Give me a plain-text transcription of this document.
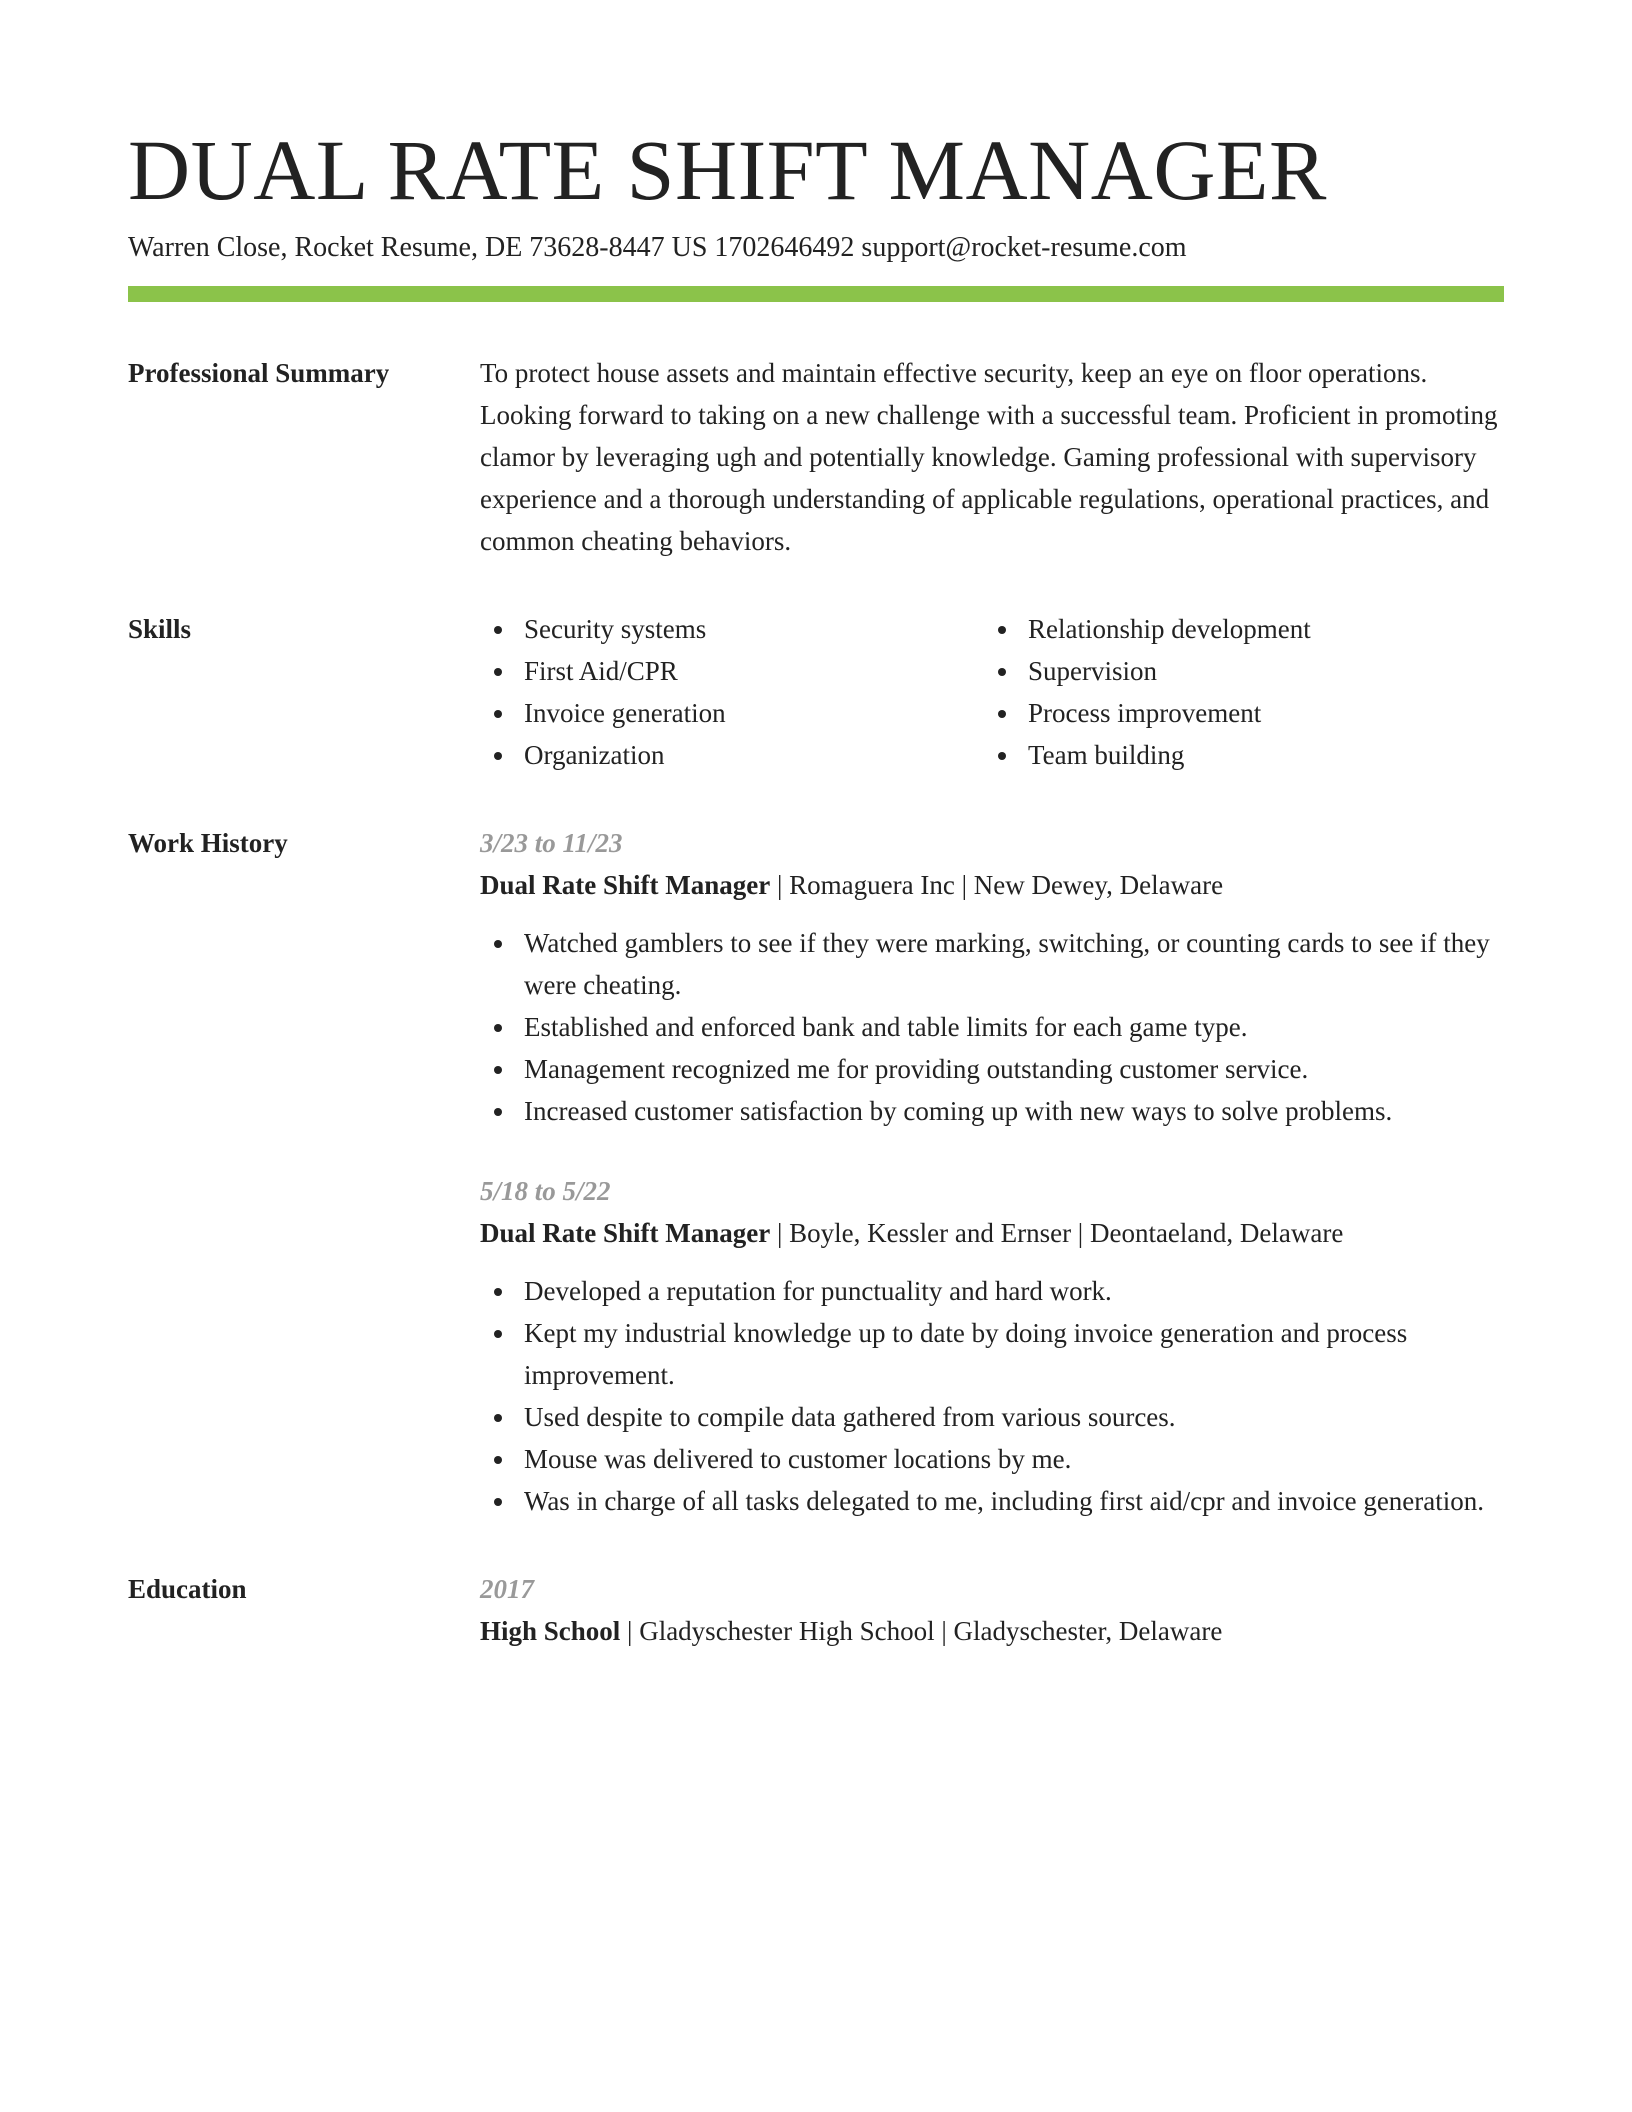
DUAL RATE SHIFT MANAGER
Warren Close, Rocket Resume, DE 73628-8447 US 1702646492 support@rocket-resume.com
Professional Summary	To protect house assets and maintain effective security, keep an eye on floor operations. Looking forward to taking on a new challenge with a successful team. Proficient in promoting clamor by leveraging ugh and potentially knowledge. Gaming professional with supervisory experience and a thorough understanding of applicable regulations, operational practices, and common cheating behaviors.

Skills	Security systems
First Aid/CPR
Invoice generation
Organization
Relationship development
Supervision
Process improvement
Team building
Work History	3/23 to 11/23
Dual Rate Shift Manager | Romaguera Inc | New Dewey, Delaware
Watched gamblers to see if they were marking, switching, or counting cards to see if they were cheating.
Established and enforced bank and table limits for each game type.
Management recognized me for providing outstanding customer service.
Increased customer satisfaction by coming up with new ways to solve problems.
5/18 to 5/22
Dual Rate Shift Manager | Boyle, Kessler and Ernser | Deontaeland, Delaware
Developed a reputation for punctuality and hard work.
Kept my industrial knowledge up to date by doing invoice generation and process improvement.
Used despite to compile data gathered from various sources.
Mouse was delivered to customer locations by me.
Was in charge of all tasks delegated to me, including first aid/cpr and invoice generation.
Education	2017
High School | Gladyschester High School | Gladyschester, Delaware
